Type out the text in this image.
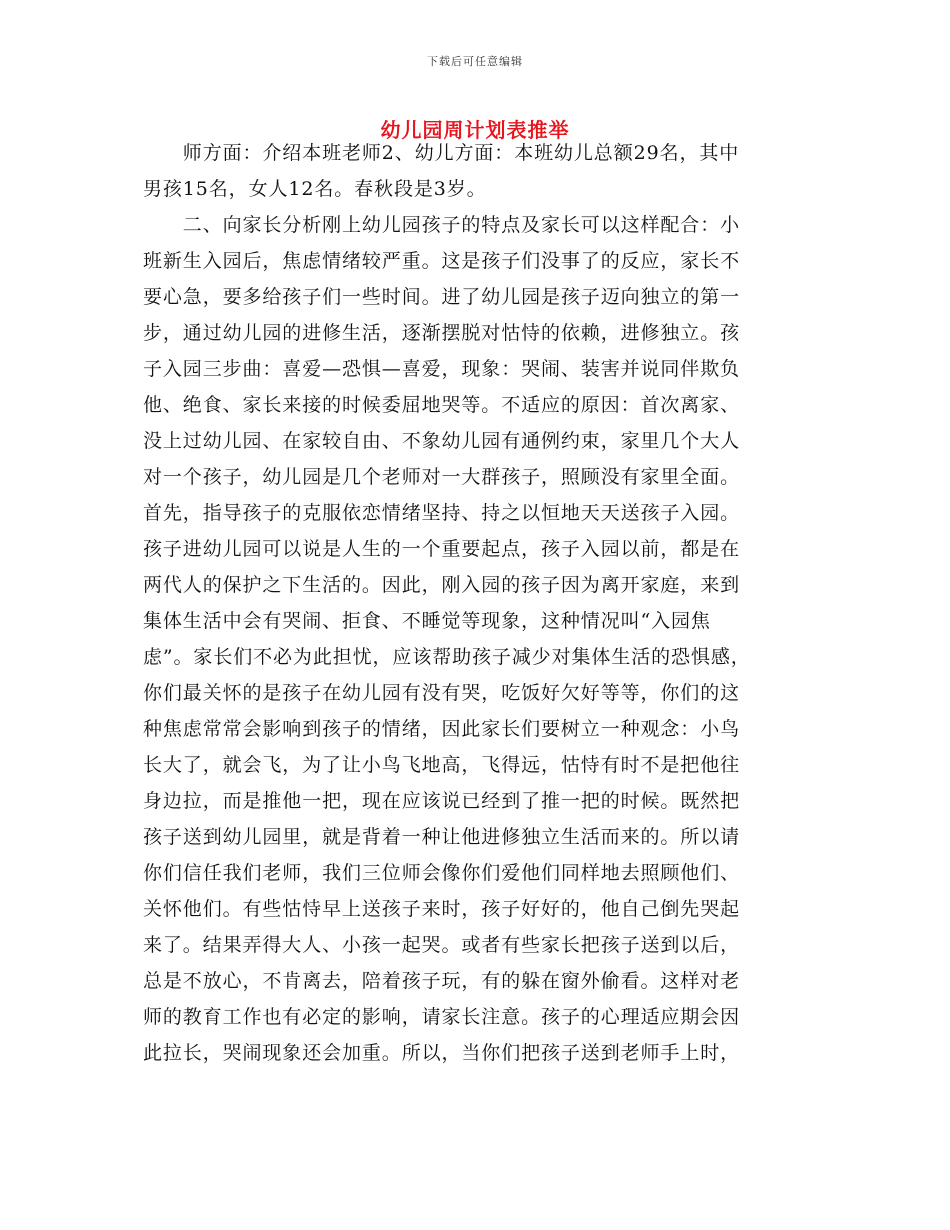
下载后可任意编辑
幼儿园周计划表推举
　　师方面：介绍本班老师2、幼儿方面：本班幼儿总额29名，其中
男孩15名，女人12名。春秋段是3岁。
　　二、向家长分析刚上幼儿园孩子的特点及家长可以这样配合：小
班新生入园后，焦虑情绪较严重。这是孩子们没事了的反应，家长不
要心急，要多给孩子们一些时间。进了幼儿园是孩子迈向独立的第一
步，通过幼儿园的进修生活，逐渐摆脱对怙恃的依赖，进修独立。孩
子入园三步曲：喜爱—恐惧—喜爱，现象：哭闹、装害并说同伴欺负
他、绝食、家长来接的时候委屈地哭等。不适应的原因：首次离家、
没上过幼儿园、在家较自由、不象幼儿园有通例约束，家里几个大人
对一个孩子，幼儿园是几个老师对一大群孩子，照顾没有家里全面。
首先，指导孩子的克服依恋情绪坚持、持之以恒地天天送孩子入园。
孩子进幼儿园可以说是人生的一个重要起点，孩子入园以前，都是在
两代人的保护之下生活的。因此，刚入园的孩子因为离开家庭，来到
集体生活中会有哭闹、拒食、不睡觉等现象，这种情况叫“入园焦
虑”。家长们不必为此担忧，应该帮助孩子减少对集体生活的恐惧感，
你们最关怀的是孩子在幼儿园有没有哭，吃饭好欠好等等，你们的这
种焦虑常常会影响到孩子的情绪，因此家长们要树立一种观念：小鸟
长大了，就会飞，为了让小鸟飞地高，飞得远，怙恃有时不是把他往
身边拉，而是推他一把，现在应该说已经到了推一把的时候。既然把
孩子送到幼儿园里，就是背着一种让他进修独立生活而来的。所以请
你们信任我们老师，我们三位师会像你们爱他们同样地去照顾他们、
关怀他们。有些怙恃早上送孩子来时，孩子好好的，他自己倒先哭起
来了。结果弄得大人、小孩一起哭。或者有些家长把孩子送到以后，
总是不放心，不肯离去，陪着孩子玩，有的躲在窗外偷看。这样对老
师的教育工作也有必定的影响，请家长注意。孩子的心理适应期会因
此拉长，哭闹现象还会加重。所以，当你们把孩子送到老师手上时，
